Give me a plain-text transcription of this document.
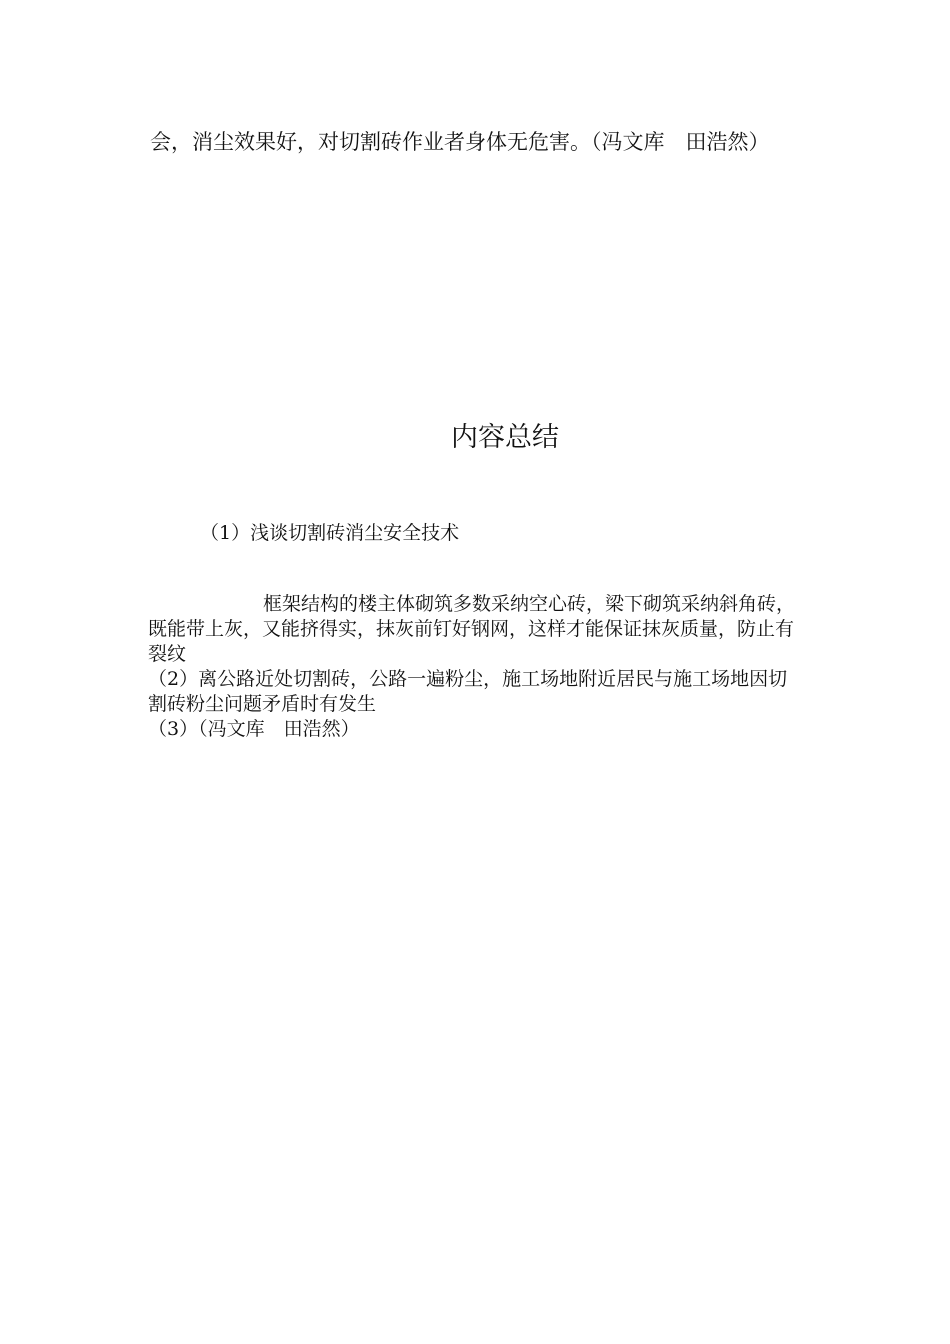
会，消尘效果好，对切割砖作业者身体无危害。（冯文库　田浩然）

内容总结

（1）浅谈切割砖消尘安全技术

框架结构的楼主体砌筑多数采纳空心砖，梁下砌筑采纳斜角砖，既能带上灰，又能挤得实，抹灰前钉好钢网，这样才能保证抹灰质量，防止有裂纹

（2）离公路近处切割砖，公路一遍粉尘，施工场地附近居民与施工场地因切割砖粉尘问题矛盾时有发生

（3）（冯文库　田浩然）
